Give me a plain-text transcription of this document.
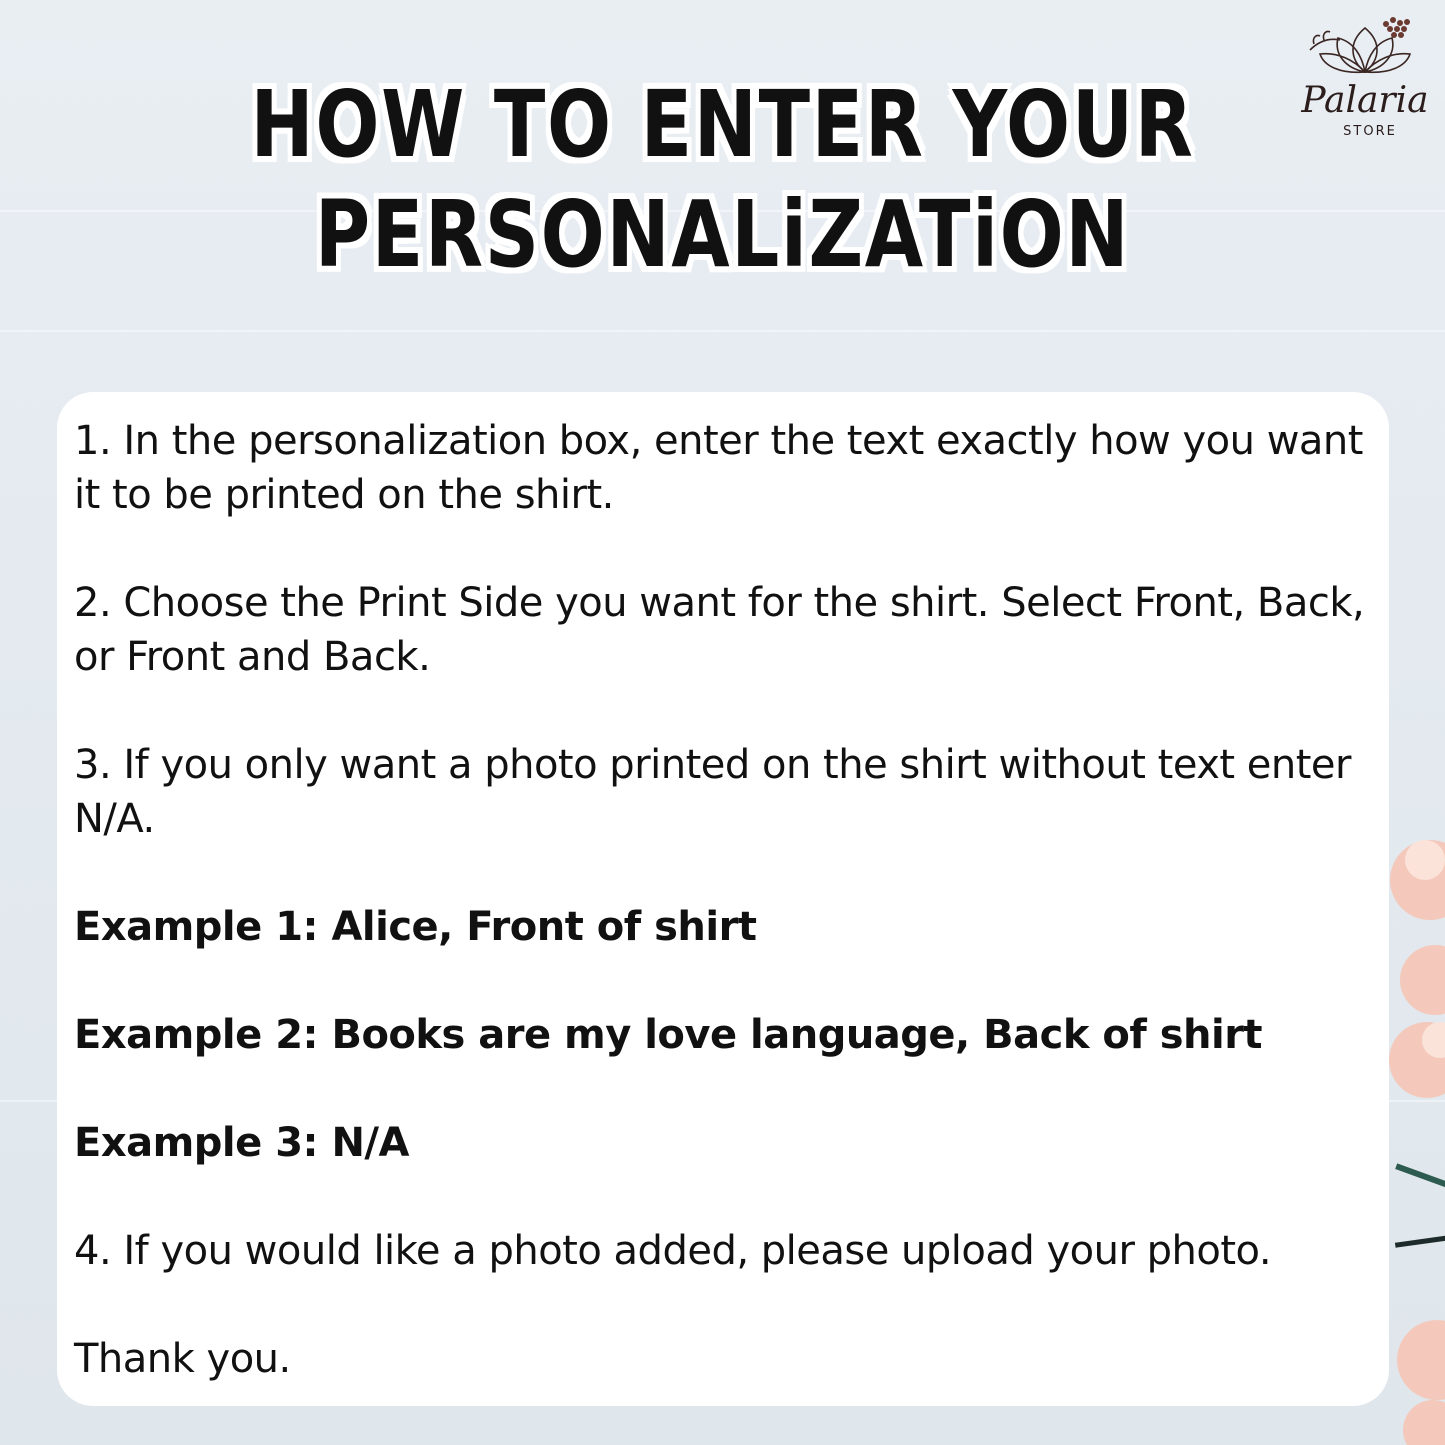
HOW TO ENTER YOUR
PERSONALiZATiON
Palaria
STORE

1. In the personalization box, enter the text exactly how you want it to be printed on the shirt.

2. Choose the Print Side you want for the shirt. Select Front, Back, or Front and Back.

3. If you only want a photo printed on the shirt without text enter N/A.

Example 1: Alice, Front of shirt

Example 2: Books are my love language, Back of shirt

Example 3: N/A

4. If you would like a photo added, please upload your photo.

Thank you.
